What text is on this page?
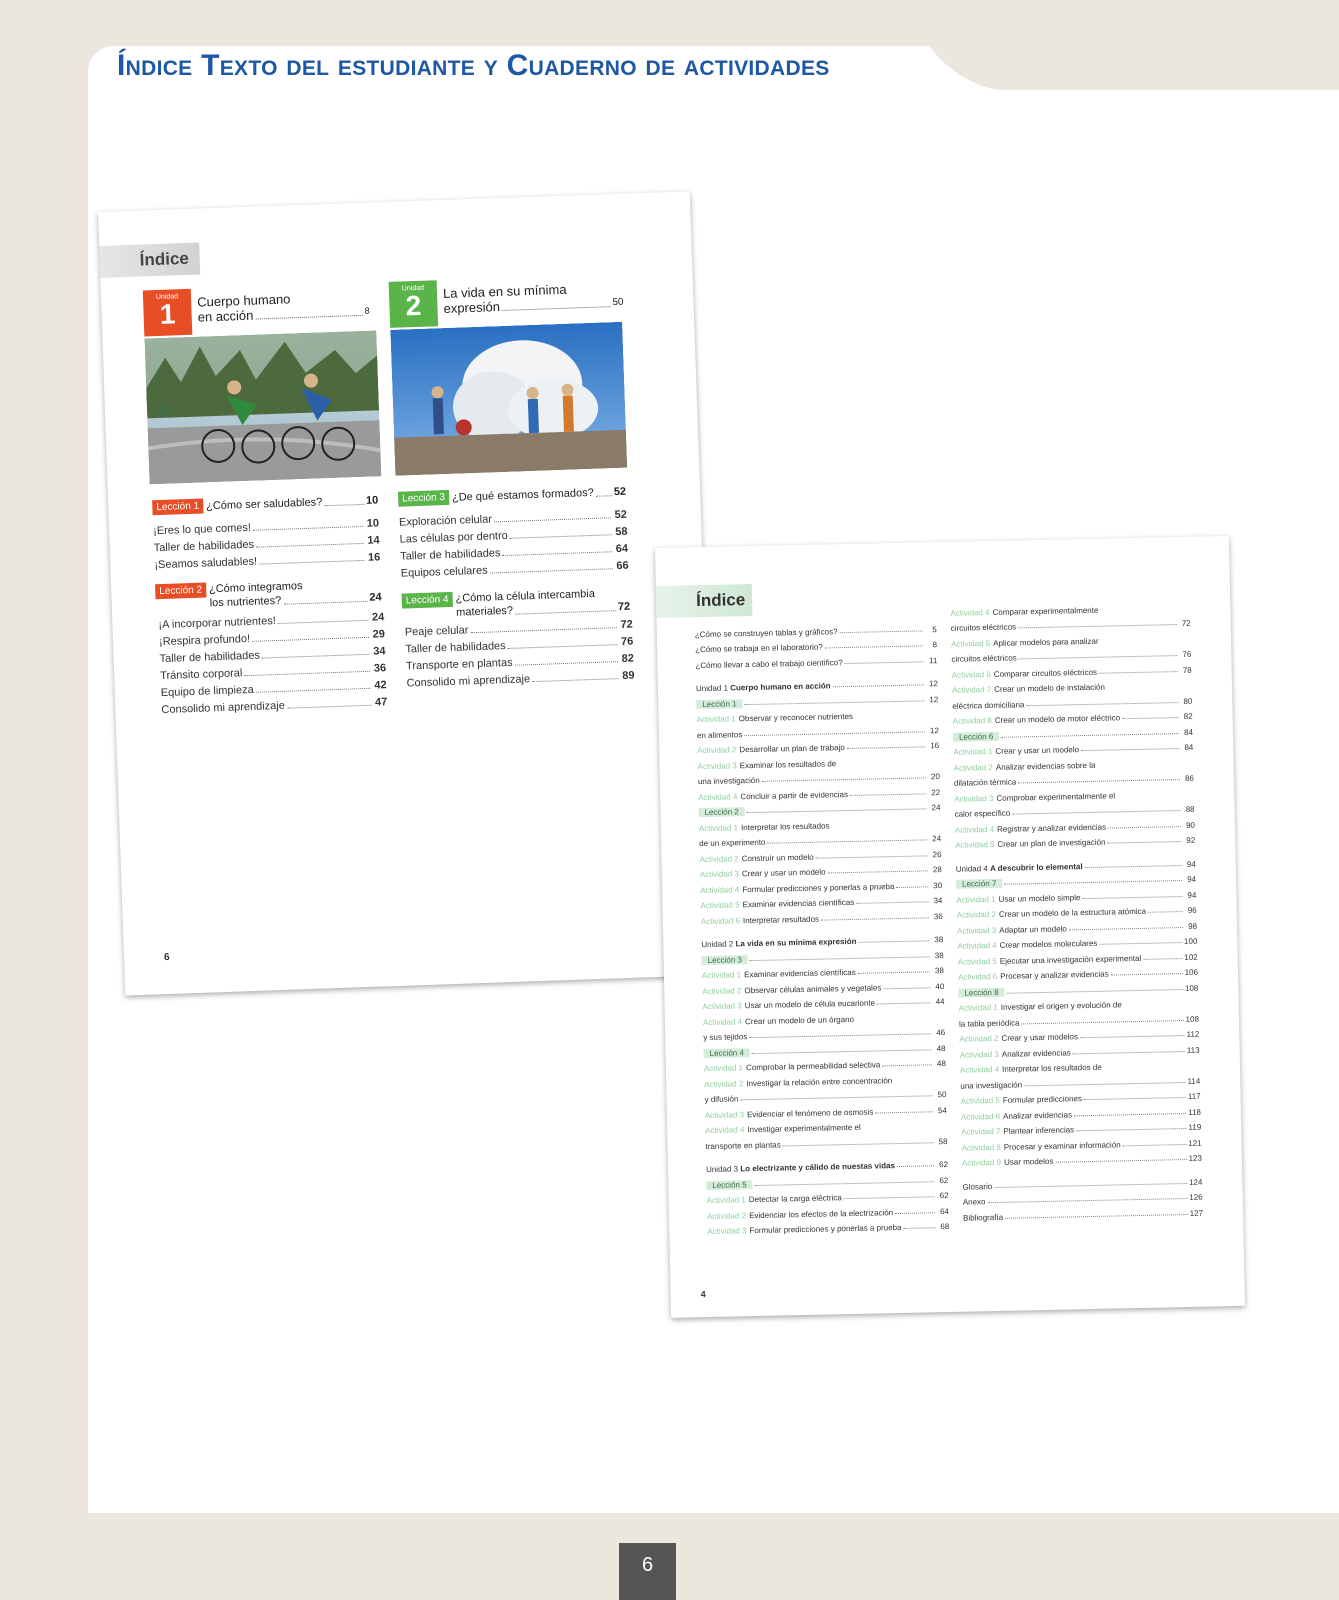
Índice Texto del estudiante y Cuaderno de actividades
Índice
Unidad
1	Cuerpo humano
en acción	8
#
Unidad
2	La vida en su mínima
expresión	50
Lección 1 ¿Cómo ser saludables?	10
¡Eres lo que comes!	10
Taller de habilidades	14
¡Seamos saludables!	16
Lección 2 ¿Cómo integramos
los nutrientes?	24
¡A incorporar nutrientes!	24
¡Respira profundo!	29
Taller de habilidades	34
Tránsito corporal	36
Equipo de limpieza	42
Consolido mi aprendizaje	47
Lección 3 ¿De qué estamos formados? 52
Exploración celular	52
Las células por dentro	58
Taller de habilidades	64
Equipos celulares	66
Lección 4 ¿Cómo la célula intercambia
materiales?	72
Peaje celular	72
Taller de habilidades	76
Transporte en plantas	82
Consolido mi aprendizaje	89
6
Índice
¿Cómo se construyen tablas y gráficos?	5
¿Cómo se trabaja en el laboratorio?	8
¿Cómo llevar a cabo el trabajo científico?	11
Unidad 1 Cuerpo humano en acción	12
Lección 1	12
Actividad 1 Observar y reconocer nutrientes
en alimentos	12
Actividad 2 Desarrollar un plan de trabajo	16
Actividad 3 Examinar los resultados de
una investigación	20
Actividad 4 Concluir a partir de evidencias	22
Lección 2	24
Actividad 1 Interpretar los resultados
de un experimento	24
Actividad 2 Construir un modelo	26
Actividad 3 Crear y usar un modelo	28
Actividad 4 Formular predicciones y ponerlas a prueba	30
Actividad 5 Examinar evidencias científicas	34
Actividad 6 Interpretar resultados	36
Unidad 2 La vida en su mínima expresión	38
Lección 3	38
Actividad 1 Examinar evidencias científicas	38
Actividad 2 Observar células animales y vegetales	40
Actividad 3 Usar un modelo de célula eucarionte	44
Actividad 4 Crear un modelo de un órgano
y sus tejidos	46
Lección 4	48
Actividad 1 Comprobar la permeabilidad selectiva	48
Actividad 2 Investigar la relación entre concentración
y difusión	50
Actividad 3 Evidenciar el fenómeno de osmosis	54
Actividad 4 Investigar experimentalmente el
transporte en plantas	58
Unidad 3 Lo electrizante y cálido de nuestas vidas	62
Lección 5	62
Actividad 1 Detectar la carga eléctrica	62
Actividad 2 Evidenciar los efectos de la electrización	64
Actividad 3 Formular predicciones y ponerlas a prueba	68
Actividad 4 Comparar experimentalmente
circuitos eléctricos	72
Actividad 5 Aplicar modelos para analizar
circuitos eléctricos	76
Actividad 6 Comparar circuitos eléctricos	78
Actividad 7 Crear un modelo de instalación
eléctrica domiciliaria	80
Actividad 8 Crear un modelo de motor eléctrico	82
Lección 6	84
Actividad 1 Crear y usar un modelo	84
Actividad 2 Analizar evidencias sobre la
dilatación térmica	86
Actividad 3 Comprobar experimentalmente el
calor específico	88
Actividad 4 Registrar y analizar evidencias	90
Actividad 5 Crear un plan de investigación	92
Unidad 4 A descubrir lo elemental	94
Lección 7	94
Actividad 1 Usar un modelo simple	94
Actividad 2 Crear un modelo de la estructura atómica	96
Actividad 3 Adaptar un modelo	98
Actividad 4 Crear modelos moleculares	100
Actividad 5 Ejecutar una investigación experimental	102
Actividad 6 Procesar y analizar evidencias	106
Lección 8	108
Actividad 1 Investigar el origen y evolución de
la tabla periódica	108
Actividad 2 Crear y usar modelos	112
Actividad 3 Analizar evidencias	113
Actividad 4 Interpretar los resultados de
una investigación	114
Actividad 5 Formular predicciones	117
Actividad 6 Analizar evidencias	118
Actividad 7 Plantear inferencias	119
Actividad 8 Procesar y examinar información	121
Actividad 9 Usar modelos	123
Glosario	124
Anexo	126
Bibliografía	127
4
6
